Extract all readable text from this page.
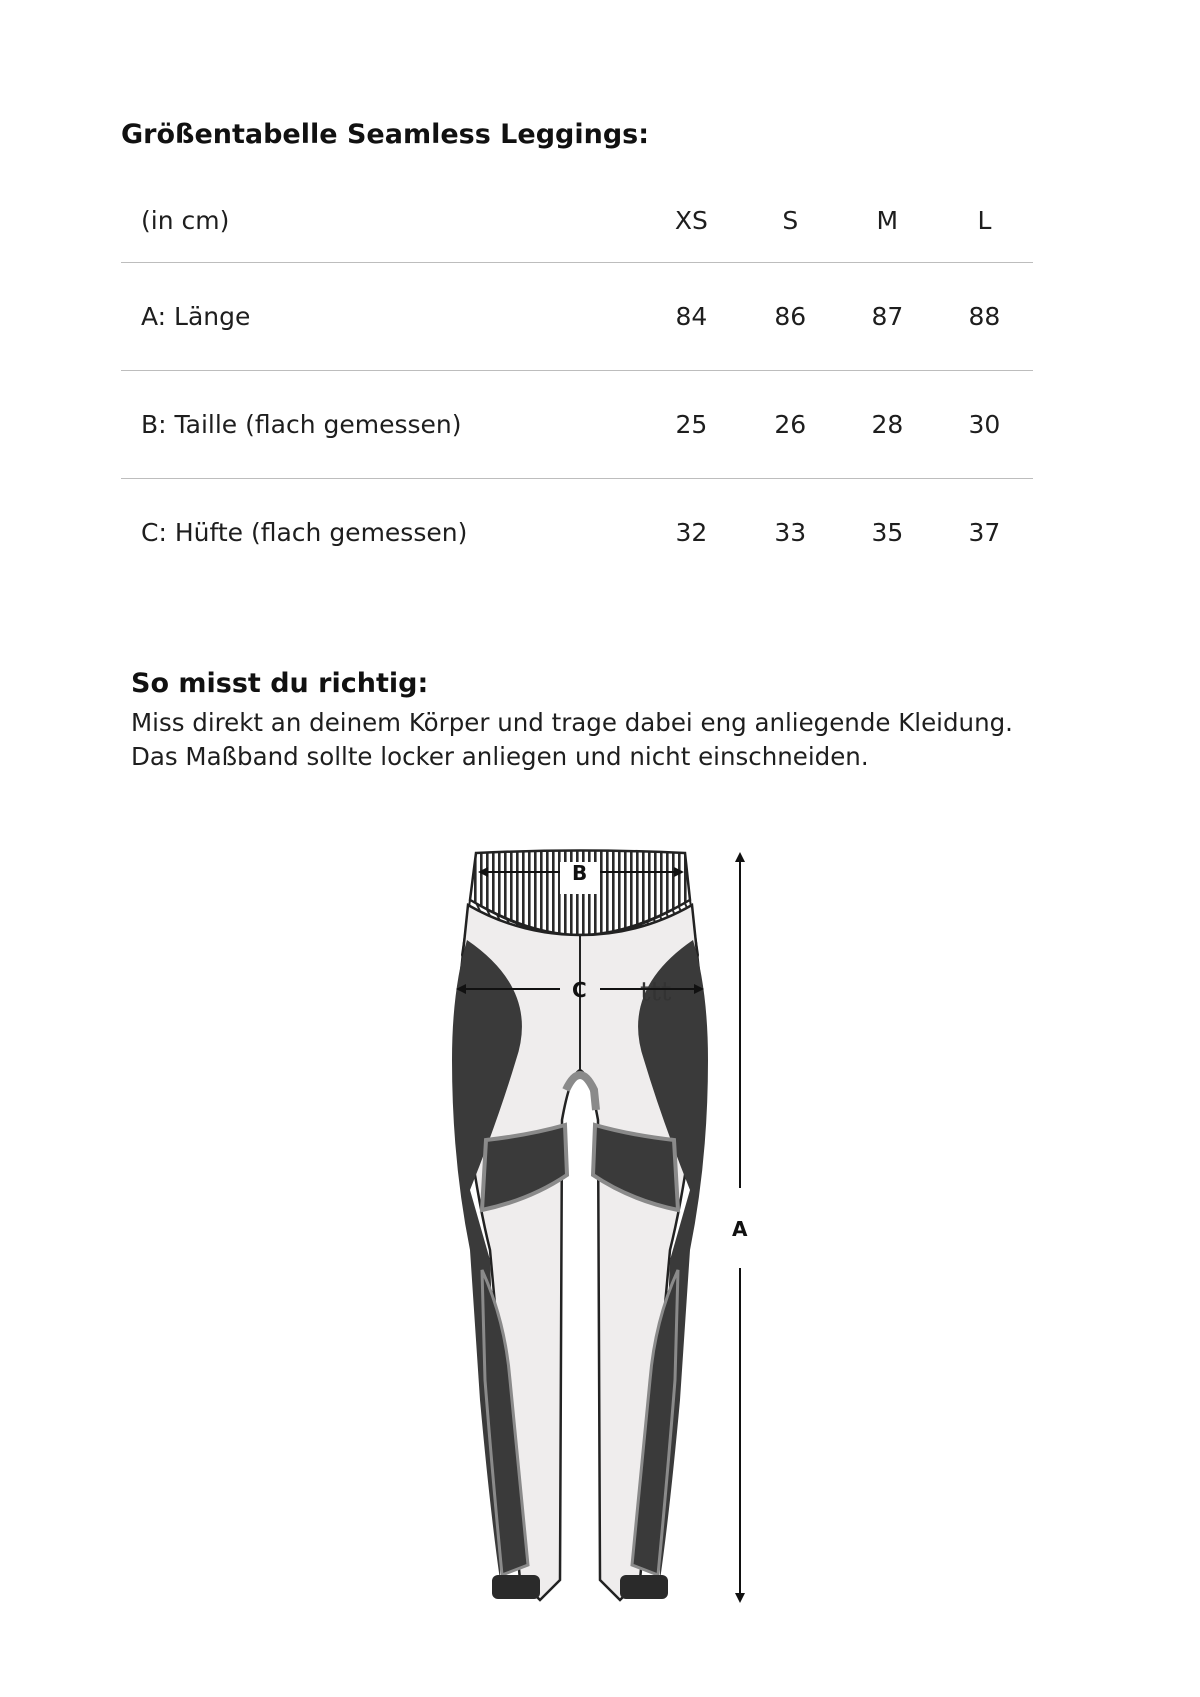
Größentabelle Seamless Leggings:
(in cm)	XS	S	M	L
A: Länge	84	86	87	88
B: Taille (flach gemessen)	25	26	28	30
C: Hüfte (flach gemessen)	32	33	35	37
So misst du richtig:

Miss direkt an deinem Körper und trage dabei eng anliegende Kleidung.
Das Maßband sollte locker anliegen und nicht einschneiden.

ttt
B
C
A
